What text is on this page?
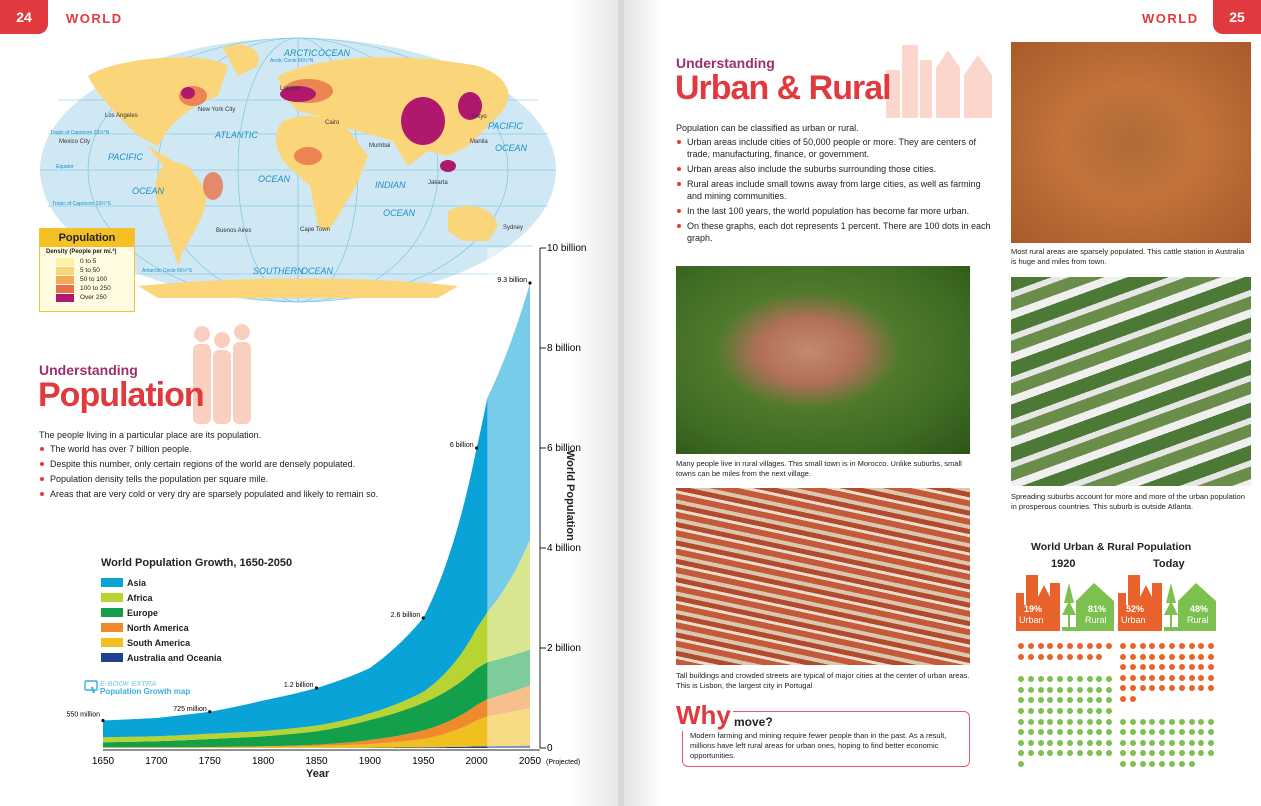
24	WORLD
London
New York City
Los Angeles
Mexico City
Cairo
Mumbai
Tokyo
Manila
Jakarta
Buenos Aires	Cape Town	Sydney
ARCTIC OCEAN
ATLANTIC
OCEAN
PACIFIC
OCEAN
PACIFIC
OCEAN
INDIAN
OCEAN
SOUTHERN
OCEAN
Equator
Tropic of Capricorn 23½°N
Tropic of Capricorn 23½°S
Arctic Circle 66½°N
Antarctic Circle 66½°S
Population
Density (People per mi.²)
0 to 5
5 to 50
50 to 100
100 to 250
Over 250
Understanding
Population
The people living in a particular place are its population.
The world has over 7 billion people.
Despite this number, only certain regions of the world are densely populated.
Population density tells the population per square mile.
Areas that are very cold or very dry are sparsely populated and likely to remain so.
World Population Growth, 1650-2050
Asia
Africa
Europe
North America
South America
Australia and Oceania
E-BOOK EXTRA
Population Growth map
0
2 billion
4 billion
6 billion
8 billion
10 billion
1650	1700	1750	1800	1850	1900	1950	2000	2050 (Projected)
550 million
725 million
1.2 billion
2.6 billion
6 billion
9.3 billion
World Population
Year
WORLD	25
Understanding
Urban & Rural
Population can be classified as urban or rural.
Urban areas include cities of 50,000 people or more. They are centers of trade, manufacturing, finance, or government.
Urban areas also include the suburbs surrounding those cities.
Rural areas include small towns away from large cities, as well as farming and mining communities.
In the last 100 years, the world population has become far more urban.
On these graphs, each dot represents 1 percent. There are 100 dots in each graph.
Many people live in rural villages. This small town is in Morocco. Unlike suburbs, small towns can be miles from the next village.
Tall buildings and crowded streets are typical of major cities at the center of urban areas. This is Lisbon, the largest city in Portugal
Why move?
Modern farming and mining require fewer people than in the past. As a result, millions have left rural areas for urban ones, hoping to find better economic opportunities.
Most rural areas are sparsely populated. This cattle station in Australia is huge and miles from town.
Spreading suburbs account for more and more of the urban population in prosperous countries. This suburb is outside Atlanta.
World Urban & Rural Population
1920
19%
Urban
81%
Rural
Today
52%
Urban
48%
Rural
